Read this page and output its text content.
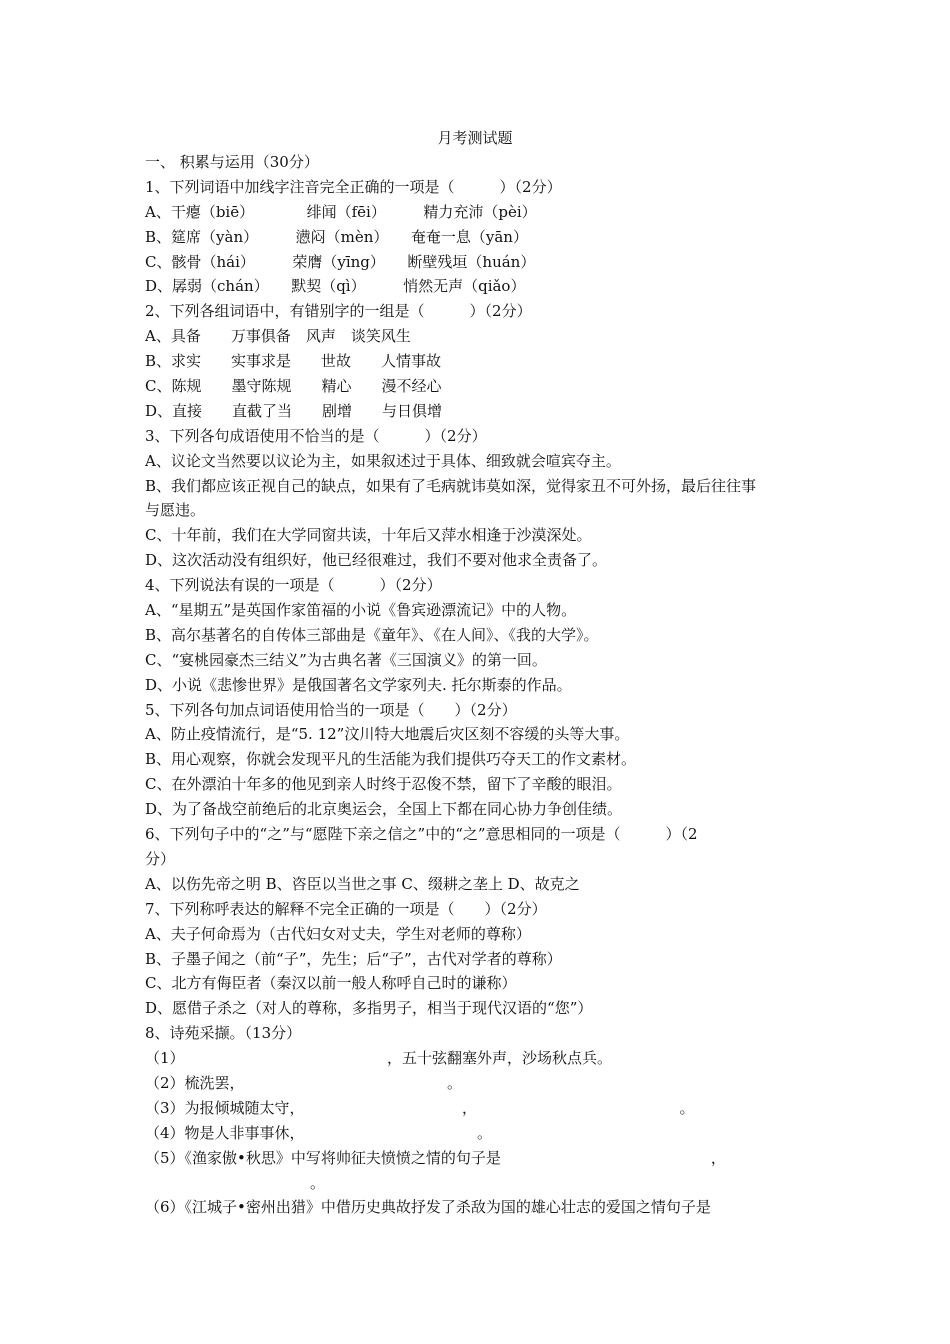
月考测试题
一、 积累与运用（30分）
1、下列词语中加线字注音完全正确的一项是（　　　）（2分）
A、干瘪（biē）　　　　绯闻（fēi）　　　精力充沛（pèi）
B、筵席（yàn）　　　懑闷（mèn）　　奄奄一息（yān）
C、骸骨（hái）　　　荣膺（yīng）　　断壁残垣（huán）
D、孱弱（chán）　　默契（qì）　　　悄然无声（qiǎo）
2、下列各组词语中，有错别字的一组是（　　　）（2分）
A、具备　　万事俱备　风声　谈笑风生
B、求实　　实事求是　　世故　　人情事故
C、陈规　　墨守陈规　　精心　　漫不经心
D、直接　　直截了当　　剧增　　与日俱增
3、下列各句成语使用不恰当的是（　　　）（2分）
A、议论文当然要以议论为主，如果叙述过于具体、细致就会喧宾夺主。
B、我们都应该正视自己的缺点，如果有了毛病就讳莫如深，觉得家丑不可外扬，最后往往事
与愿违。
C、十年前，我们在大学同窗共读，十年后又萍水相逢于沙漠深处。
D、这次活动没有组织好，他已经很难过，我们不要对他求全责备了。
4、下列说法有误的一项是（　　　）（2分）
A、“星期五”是英国作家笛福的小说《鲁宾逊漂流记》中的人物。
B、高尔基著名的自传体三部曲是《童年》、《在人间》、《我的大学》。
C、“宴桃园豪杰三结义”为古典名著《三国演义》的第一回。
D、小说《悲惨世界》是俄国著名文学家列夫. 托尔斯泰的作品。
5、下列各句加点词语使用恰当的一项是（　　）（2分）
A、防止疫情流行，是“5. 12”汶川特大地震后灾区刻不容缓的头等大事。
B、用心观察，你就会发现平凡的生活能为我们提供巧夺天工的作文素材。
C、在外漂泊十年多的他见到亲人时终于忍俊不禁，留下了辛酸的眼泪。
D、为了备战空前绝后的北京奥运会，全国上下都在同心协力争创佳绩。
6、下列句子中的“之”与“愿陛下亲之信之”中的“之”意思相同的一项是（　　　）（2
分）
A、以伤先帝之明 B、咨臣以当世之事 C、缀耕之垄上 D、故克之
7、下列称呼表达的解释不完全正确的一项是（　　）（2分）
A、夫子何命焉为（古代妇女对丈夫，学生对老师的尊称）
B、子墨子闻之（前“子”，先生；后“子”，古代对学者的尊称）
C、北方有侮臣者（秦汉以前一般人称呼自己时的谦称）
D、愿借子杀之（对人的尊称，多指男子，相当于现代汉语的“您”）
8、诗苑采撷。（13分）
（1）　　　　　　　　　　　　　　，五十弦翻塞外声，沙场秋点兵。
（2）梳洗罢，　　　　　　　　　　　　　　。
（3）为报倾城随太守，　　　　　　　　　　　，　　　　　　　　　　　　　　。
（4）物是人非事事休，　　　　　　　　　　　　。
（5）《渔家傲•秋思》中写将帅征夫愤愤之情的句子是　　　　　　　　　　　　　　，
　　　　　　　　　　　。
（6）《江城子•密州出猎》中借历史典故抒发了杀敌为国的雄心壮志的爱国之情句子是
